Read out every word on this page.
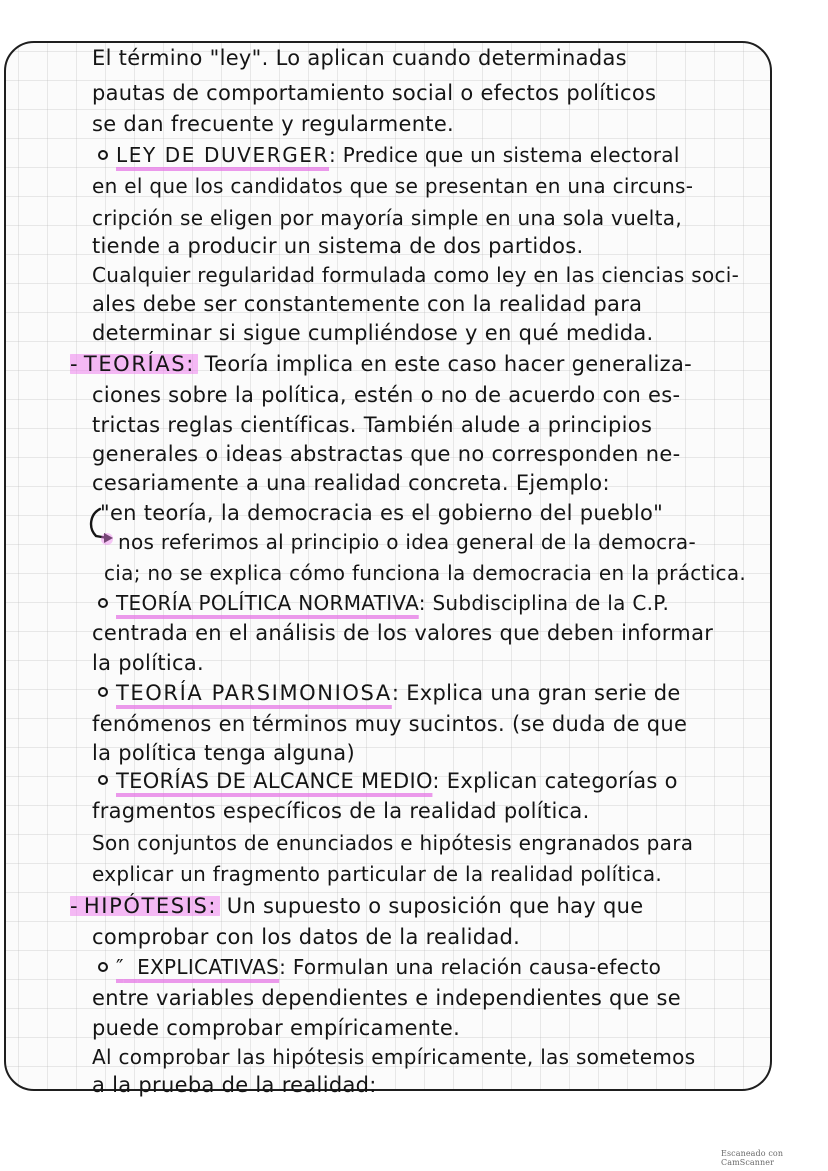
El término "ley". Lo aplican cuando determinadas
pautas de comportamiento social o efectos políticos
se dan frecuente y regularmente.
LEY DE DUVERGER: Predice que un sistema electoral
en el que los candidatos que se presentan en una circuns-
cripción se eligen por mayoría simple en una sola vuelta,
tiende a producir un sistema de dos partidos.
Cualquier regularidad formulada como ley en las ciencias soci-
ales debe ser constantemente con la realidad para
determinar si sigue cumpliéndose y en qué medida.
- TEORÍAS: Teoría implica en este caso hacer generaliza-
ciones sobre la política, estén o no de acuerdo con es-
trictas reglas científicas. También alude a principios
generales o ideas abstractas que no corresponden ne-
cesariamente a una realidad concreta. Ejemplo:
"en teoría, la democracia es el gobierno del pueblo"
nos referimos al principio o idea general de la democra-
cia; no se explica cómo funciona la democracia en la práctica.
TEORÍA POLÍTICA NORMATIVA: Subdisciplina de la C.P.
centrada en el análisis de los valores que deben informar
la política.
TEORÍA PARSIMONIOSA: Explica una gran serie de
fenómenos en términos muy sucintos. (se duda de que
la política tenga alguna)
TEORÍAS DE ALCANCE MEDIO: Explican categorías o
fragmentos específicos de la realidad política.
Son conjuntos de enunciados e hipótesis engranados para
explicar un fragmento particular de la realidad política.
- HIPÓTESIS: Un supuesto o suposición que hay que
comprobar con los datos de la realidad.
″ EXPLICATIVAS: Formulan una relación causa-efecto
entre variables dependientes e independientes que se
puede comprobar empíricamente.
Al comprobar las hipótesis empíricamente, las sometemos
a la prueba de la realidad:
Escaneado con CamScanner
